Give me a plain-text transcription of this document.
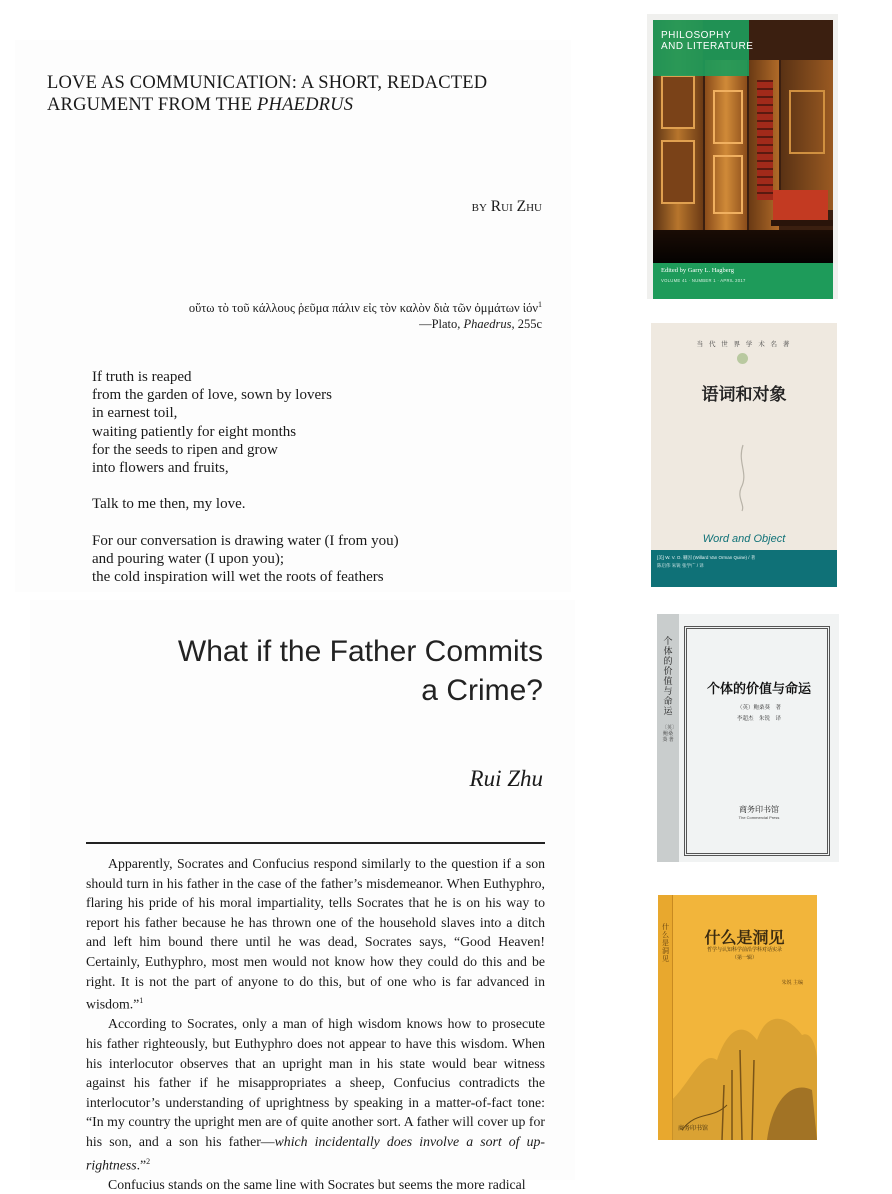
LOVE AS COMMUNICATION: A SHORT, REDACTED
ARGUMENT FROM THE PHAEDRUS
by Rui Zhu
οὕτω τὸ τοῦ κάλλους ῥεῦμα πάλιν εἰς τὸν καλὸν διὰ τῶν ὀμμάτων ἰόν$^1$
—Plato, Phaedrus, 255c
If truth is reaped
from the garden of love, sown by lovers
in earnest toil,
waiting patiently for eight months
for the seeds to ripen and grow
into flowers and fruits,
Talk to me then, my love.
For our conversation is drawing water (I from you)
and pouring water (I upon you);
the cold inspiration will wet the roots of feathers
What if the Father Commits
a Crime?
Rui Zhu

Apparently, Socrates and Confucius respond similarly to the question if a son should turn in his father in the case of the father’s misdemeanor. When Euthyphro, flaring his pride of his moral impartiality, tells Socrates that he is on his way to report his father because he has thrown one of the household slaves into a ditch and left him bound there until he was dead, Socrates says, “Good Heaven! Certainly, Euthyphro, most men would not know how they could do this and be right. It is not the part of anyone to do this, but of one who is far advanced in wisdom.”$^1$

According to Socrates, only a man of high wisdom knows how to prosecute his father righteously, but Euthyphro does not appear to have this wisdom. When his interlocutor observes that an upright man in his state would bear witness against his father if he misappropriates a sheep, Confucius contradicts the interlocutor’s understanding of uprightness by speaking in a matter-of-fact tone: “In my country the upright men are of quite another sort. A father will cover up for his son, and a son his father—which incidentally does involve a sort of up-rightness.”$^2$

Confucius stands on the same line with Socrates but seems the more radical

PHILOSOPHY
AND LITERATURE
Edited by Garry L. Hagberg
VOLUME 41 · NUMBER 1 · APRIL 2017
当 代 世 界 学 术 名 著
语词和对象
Word and Object
[美] W. V. O. 蒯因 (Willard Van Orman Quine) / 著
陈启伟 朱锐 张学广 / 译
个体的价值与命运
〔英〕鲍桑葵 著
个体的价值与命运
（英）鲍桑葵　著
李超杰　朱锐　译
商务印书馆
The Commercial Press
什么是洞见
什么是洞见
哲学与认知科学前沿学科对话实录
（第一辑）
朱锐 主编
商务印书馆
